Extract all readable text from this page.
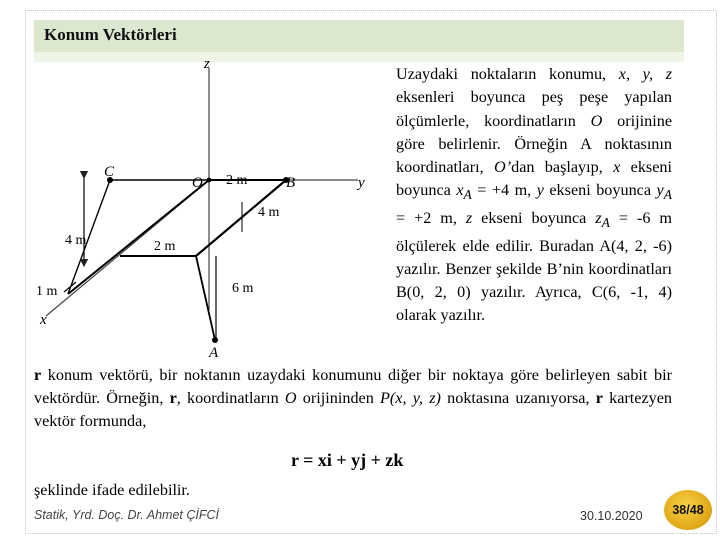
Konum Vektörleri
z
x
y
O
A
B
C
2 m
4 m
4 m	2 m
1 m	6 m
Uzaydaki noktaların konumu, x, y, z eksenleri boyunca peş peşe yapılan ölçümlerle, koordinatların O orijinine göre belirlenir. Örneğin A noktasının koordinatları, O’dan başlayıp, x ekseni boyunca $x_A = +4$ m, y ekseni boyunca $y_A = +2$ m, z ekseni boyunca $z_A = -6$ m ölçülerek elde edilir. Buradan A(4, 2, -6) yazılır. Benzer şekilde B’nin koordinatları B(0, 2, 0) yazılır. Ayrıca, C(6, -1, 4) olarak yazılır.
r konum vektörü, bir noktanın uzaydaki konumunu diğer bir noktaya göre belirleyen sabit bir vektördür. Örneğin, r, koordinatların O orijininden P(x, y, z) noktasına uzanıyorsa, r kartezyen vektör formunda,
r = xi + yj + zk
şeklinde ifade edilebilir.
Statik, Yrd. Doç. Dr. Ahmet ÇİFCİ	30.10.2020	38/48
